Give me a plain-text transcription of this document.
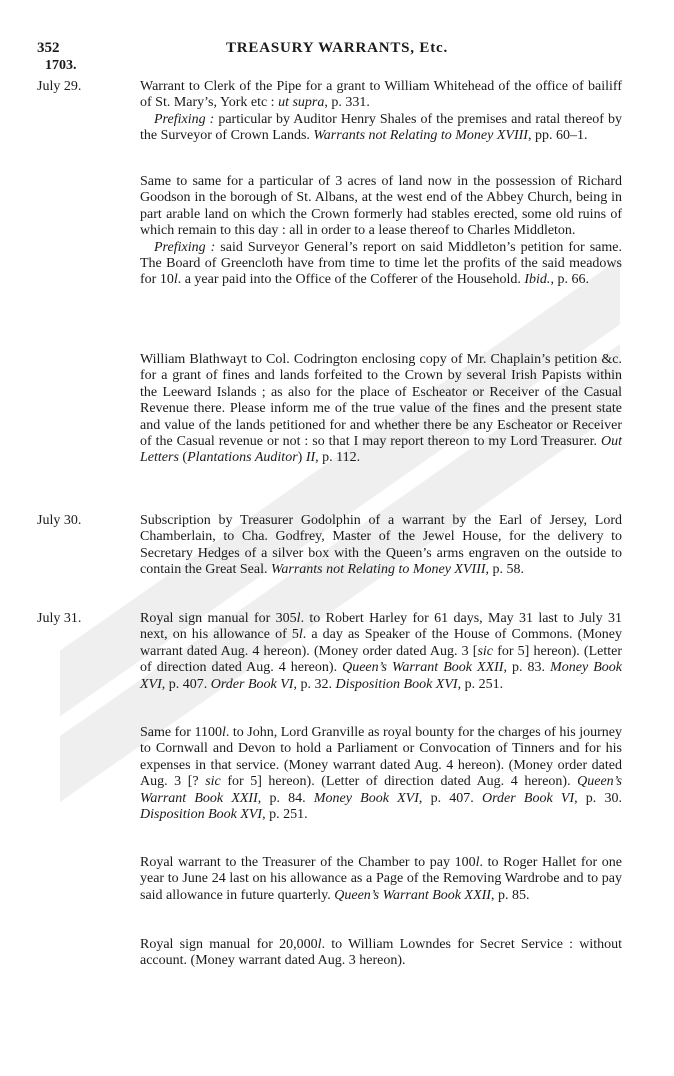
352	TREASURY WARRANTS, Etc.
1703.
July 29.	Warrant to Clerk of the Pipe for a grant to William Whitehead of the office of bailiff of St. Mary’s, York etc : ut supra, p. 331.

Prefixing : particular by Auditor Henry Shales of the premises and ratal thereof by the Surveyor of Crown Lands. Warrants not Relating to Money XVIII, pp. 60–1.

Same to same for a particular of 3 acres of land now in the possession of Richard Goodson in the borough of St. Albans, at the west end of the Abbey Church, being in part arable land on which the Crown formerly had stables erected, some old ruins of which remain to this day : all in order to a lease thereof to Charles Middleton.

Prefixing : said Surveyor General’s report on said Middleton’s petition for same. The Board of Greencloth have from time to time let the profits of the said meadows for 10l. a year paid into the Office of the Cofferer of the Household. Ibid., p. 66.

William Blathwayt to Col. Codrington enclosing copy of Mr. Chaplain’s petition &c. for a grant of fines and lands forfeited to the Crown by several Irish Papists within the Leeward Islands ; as also for the place of Escheator or Receiver of the Casual Revenue there. Please inform me of the true value of the fines and the present state and value of the lands petitioned for and whether there be any Escheator or Receiver of the Casual revenue or not : so that I may report thereon to my Lord Treasurer. Out Letters (Plantations Auditor) II, p. 112.

July 30.	Subscription by Treasurer Godolphin of a warrant by the Earl of Jersey, Lord Chamberlain, to Cha. Godfrey, Master of the Jewel House, for the delivery to Secretary Hedges of a silver box with the Queen’s arms engraven on the outside to contain the Great Seal. Warrants not Relating to Money XVIII, p. 58.

July 31.	Royal sign manual for 305l. to Robert Harley for 61 days, May 31 last to July 31 next, on his allowance of 5l. a day as Speaker of the House of Commons. (Money warrant dated Aug. 4 hereon). (Money order dated Aug. 3 [sic for 5] hereon). (Letter of direction dated Aug. 4 hereon). Queen’s Warrant Book XXII, p. 83. Money Book XVI, p. 407. Order Book VI, p. 32. Disposition Book XVI, p. 251.

Same for 1100l. to John, Lord Granville as royal bounty for the charges of his journey to Cornwall and Devon to hold a Parliament or Convocation of Tinners and for his expenses in that service. (Money warrant dated Aug. 4 hereon). (Money order dated Aug. 3 [? sic for 5] hereon). (Letter of direction dated Aug. 4 hereon). Queen’s Warrant Book XXII, p. 84. Money Book XVI, p. 407. Order Book VI, p. 30. Disposition Book XVI, p. 251.

Royal warrant to the Treasurer of the Chamber to pay 100l. to Roger Hallet for one year to June 24 last on his allowance as a Page of the Removing Wardrobe and to pay said allowance in future quarterly. Queen’s Warrant Book XXII, p. 85.

Royal sign manual for 20,000l. to William Lowndes for Secret Service : without account. (Money warrant dated Aug. 3 hereon).
